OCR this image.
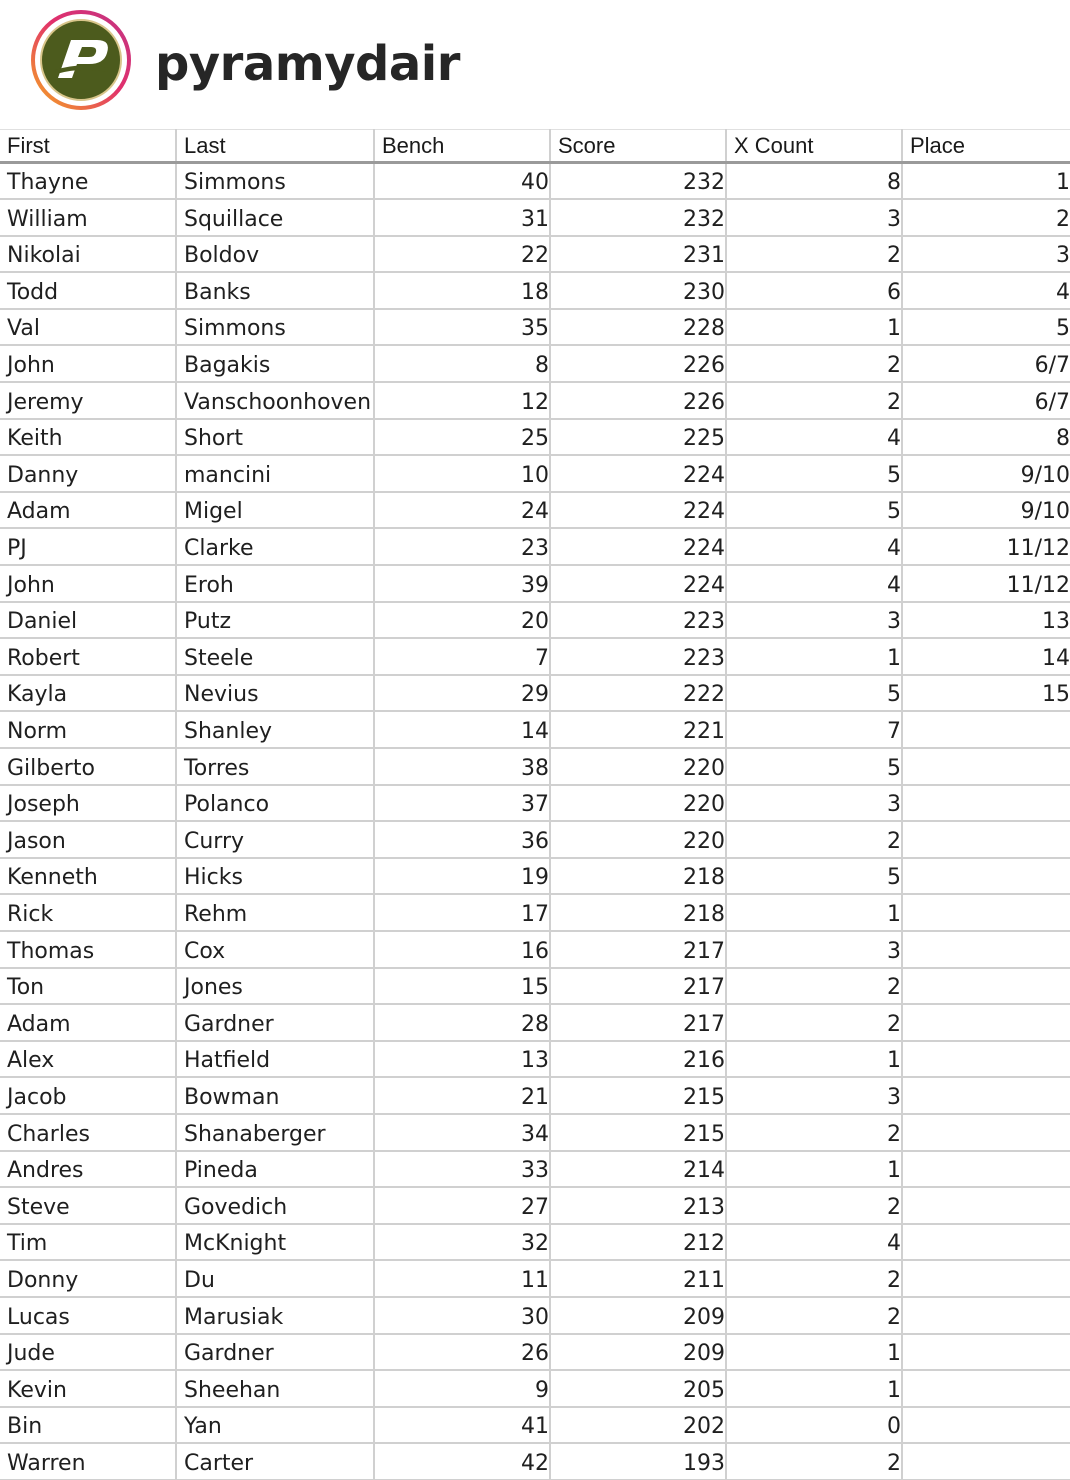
pyramydair
First	Last	Bench	Score	X Count	Place
Thayne	Simmons	40	232	8	1
William	Squillace	31	232	3	2
Nikolai	Boldov	22	231	2	3
Todd	Banks	18	230	6	4
Val	Simmons	35	228	1	5
John	Bagakis	8	226	2	6/7
Jeremy	Vanschoonhoven	12	226	2	6/7
Keith	Short	25	225	4	8
Danny	mancini	10	224	5	9/10
Adam	Migel	24	224	5	9/10
PJ	Clarke	23	224	4	11/12
John	Eroh	39	224	4	11/12
Daniel	Putz	20	223	3	13
Robert	Steele	7	223	1	14
Kayla	Nevius	29	222	5	15
Norm	Shanley	14	221	7	
Gilberto	Torres	38	220	5	
Joseph	Polanco	37	220	3	
Jason	Curry	36	220	2	
Kenneth	Hicks	19	218	5	
Rick	Rehm	17	218	1	
Thomas	Cox	16	217	3	
Ton	Jones	15	217	2	
Adam	Gardner	28	217	2	
Alex	Hatfield	13	216	1	
Jacob	Bowman	21	215	3	
Charles	Shanaberger	34	215	2	
Andres	Pineda	33	214	1	
Steve	Govedich	27	213	2	
Tim	McKnight	32	212	4	
Donny	Du	11	211	2	
Lucas	Marusiak	30	209	2	
Jude	Gardner	26	209	1	
Kevin	Sheehan	9	205	1	
Bin	Yan	41	202	0	
Warren	Carter	42	193	2	
